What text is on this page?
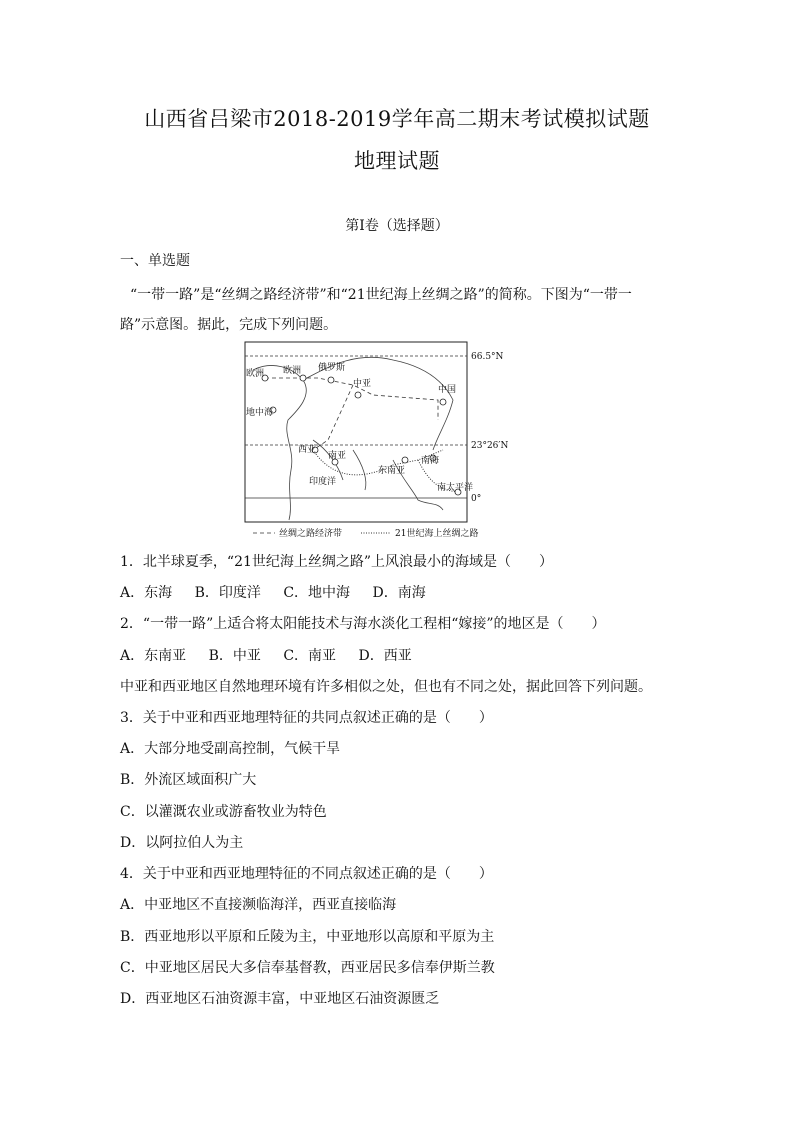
山西省吕梁市2018-2019学年高二期末考试模拟试题
地理试题
第Ⅰ卷（选择题）
一、单选题
“一带一路”是“丝绸之路经济带”和“21世纪海上丝绸之路”的简称。下图为“一带一
路”示意图。据此，完成下列问题。
欧洲 欧洲 俄罗斯
中亚
中国
地中海
西亚
南亚
东南亚
南海
印度洋
南太平洋
66.5°N
23°26′N
0°
丝绸之路经济带	21世纪海上丝绸之路
1．北半球夏季，“21世纪海上丝绸之路”上风浪最小的海域是（　　）
A．东海 B．印度洋 C．地中海 D．南海
2．“一带一路”上适合将太阳能技术与海水淡化工程相“嫁接”的地区是（　　）
A．东南亚 B．中亚 C．南亚 D．西亚
中亚和西亚地区自然地理环境有许多相似之处，但也有不同之处，据此回答下列问题。
3．关于中亚和西亚地理特征的共同点叙述正确的是（　　）
A．大部分地受副高控制，气候干旱
B．外流区域面积广大
C．以灌溉农业或游畜牧业为特色
D．以阿拉伯人为主
4．关于中亚和西亚地理特征的不同点叙述正确的是（　　）
A．中亚地区不直接濒临海洋，西亚直接临海
B．西亚地形以平原和丘陵为主，中亚地形以高原和平原为主
C．中亚地区居民大多信奉基督教，西亚居民多信奉伊斯兰教
D．西亚地区石油资源丰富，中亚地区石油资源匮乏
